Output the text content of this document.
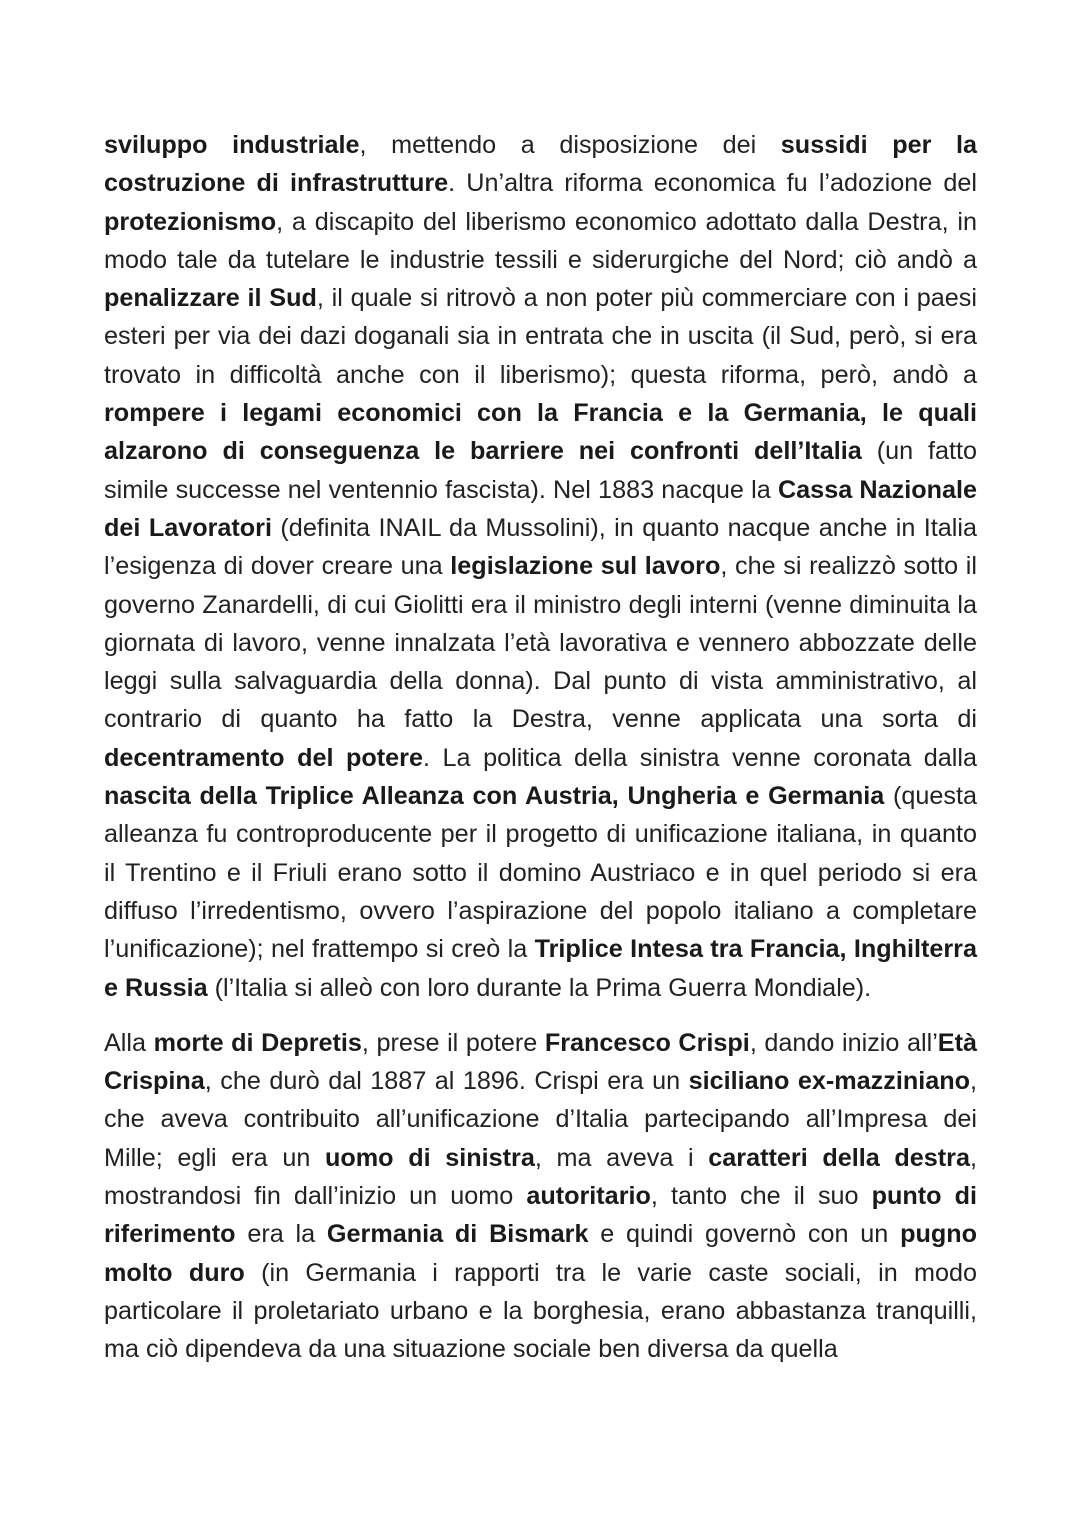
sviluppo industriale, mettendo a disposizione dei sussidi per la costruzione di infrastrutture. Un’altra riforma economica fu l’adozione del protezionismo, a discapito del liberismo economico adottato dalla Destra, in modo tale da tutelare le industrie tessili e siderurgiche del Nord; ciò andò a penalizzare il Sud, il quale si ritrovò a non poter più commerciare con i paesi esteri per via dei dazi doganali sia in entrata che in uscita (il Sud, però, si era trovato in difficoltà anche con il liberismo); questa riforma, però, andò a rompere i legami economici con la Francia e la Germania, le quali alzarono di conseguenza le barriere nei confronti dell’Italia (un fatto simile successe nel ventennio fascista). Nel 1883 nacque la Cassa Nazionale dei Lavoratori (definita INAIL da Mussolini), in quanto nacque anche in Italia l’esigenza di dover creare una legislazione sul lavoro, che si realizzò sotto il governo Zanardelli, di cui Giolitti era il ministro degli interni (venne diminuita la giornata di lavoro, venne innalzata l’età lavorativa e vennero abbozzate delle leggi sulla salvaguardia della donna). Dal punto di vista amministrativo, al contrario di quanto ha fatto la Destra, venne applicata una sorta di decentramento del potere. La politica della sinistra venne coronata dalla nascita della Triplice Alleanza con Austria, Ungheria e Germania (questa alleanza fu controproducente per il progetto di unificazione italiana, in quanto il Trentino e il Friuli erano sotto il domino Austriaco e in quel periodo si era diffuso l’irredentismo, ovvero l’aspirazione del popolo italiano a completare l’unificazione); nel frattempo si creò la Triplice Intesa tra Francia, Inghilterra e Russia (l’Italia si alleò con loro durante la Prima Guerra Mondiale).

Alla morte di Depretis, prese il potere Francesco Crispi, dando inizio all’Età Crispina, che durò dal 1887 al 1896. Crispi era un siciliano ex-mazziniano, che aveva contribuito all’unificazione d’Italia partecipando all’Impresa dei Mille; egli era un uomo di sinistra, ma aveva i caratteri della destra, mostrandosi fin dall’inizio un uomo autoritario, tanto che il suo punto di riferimento era la Germania di Bismark e quindi governò con un pugno molto duro (in Germania i rapporti tra le varie caste sociali, in modo particolare il proletariato urbano e la borghesia, erano abbastanza tranquilli, ma ciò dipendeva da una situazione sociale ben diversa da quella
